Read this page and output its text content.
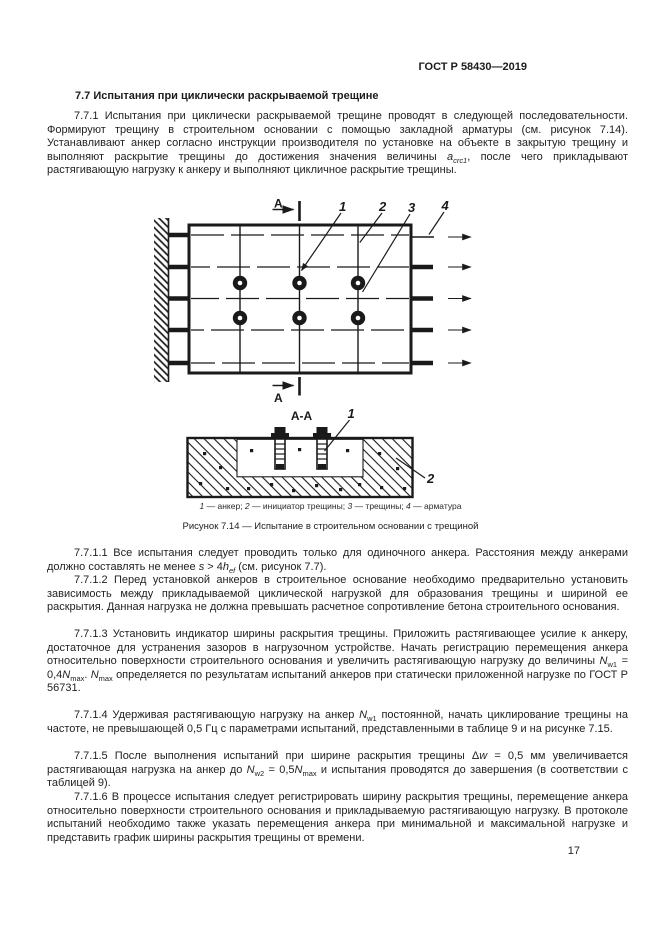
ГОСТ Р 58430—2019
7.7 Испытания при циклически раскрываемой трещине

7.7.1 Испытания при циклически раскрываемой трещине проводят в следующей последовательности. Формируют трещину в строительном основании с помощью закладной арматуры (см. рисунок 7.14). Устанавливают анкер согласно инструкции производителя по установке на объекте в закрытую трещину и выполняют раскрытие трещины до достижения значения величины $a_{crc1}$, после чего прикладывают растягивающую нагрузку к анкеру и выполняют цикличное раскрытие трещины.

А
А
1	2 3 4
А-А	1
2
1 — анкер; 2 — инициатор трещины; 3 — трещины; 4 — арматура
Рисунок 7.14 — Испытание в строительном основании с трещиной

7.7.1.1 Все испытания следует проводить только для одиночного анкера. Расстояния между анкерами должно составлять не менее $s > 4h_{ef}$ (см. рисунок 7.7).

7.7.1.2 Перед установкой анкеров в строительное основание необходимо предварительно установить зависимость между прикладываемой циклической нагрузкой для образования трещины и шириной ее раскрытия. Данная нагрузка не должна превышать расчетное сопротивление бетона строительного основания.

7.7.1.3 Установить индикатор ширины раскрытия трещины. Приложить растягивающее усилие к анкеру, достаточное для устранения зазоров в нагрузочном устройстве. Начать регистрацию перемещения анкера относительно поверхности строительного основания и увеличить растягивающую нагрузку до величины $N_{w1} = 0,4N_{max}$. $N_{max}$ определяется по результатам испытаний анкеров при статически приложенной нагрузке по ГОСТ Р 56731.

7.7.1.4 Удерживая растягивающую нагрузку на анкер $N_{w1}$ постоянной, начать циклирование трещины на частоте, не превышающей 0,5 Гц с параметрами испытаний, представленными в таблице 9 и на рисунке 7.15.

7.7.1.5 После выполнения испытаний при ширине раскрытия трещины Δw = 0,5 мм увеличивается растягивающая нагрузка на анкер до $N_{w2} = 0,5N_{max}$ и испытания проводятся до завершения (в соответствии с таблицей 9).

7.7.1.6 В процессе испытания следует регистрировать ширину раскрытия трещины, перемещение анкера относительно поверхности строительного основания и прикладываемую растягивающую нагрузку. В протоколе испытаний необходимо также указать перемещения анкера при минимальной и максимальной нагрузке и представить график ширины раскрытия трещины от времени.

17
